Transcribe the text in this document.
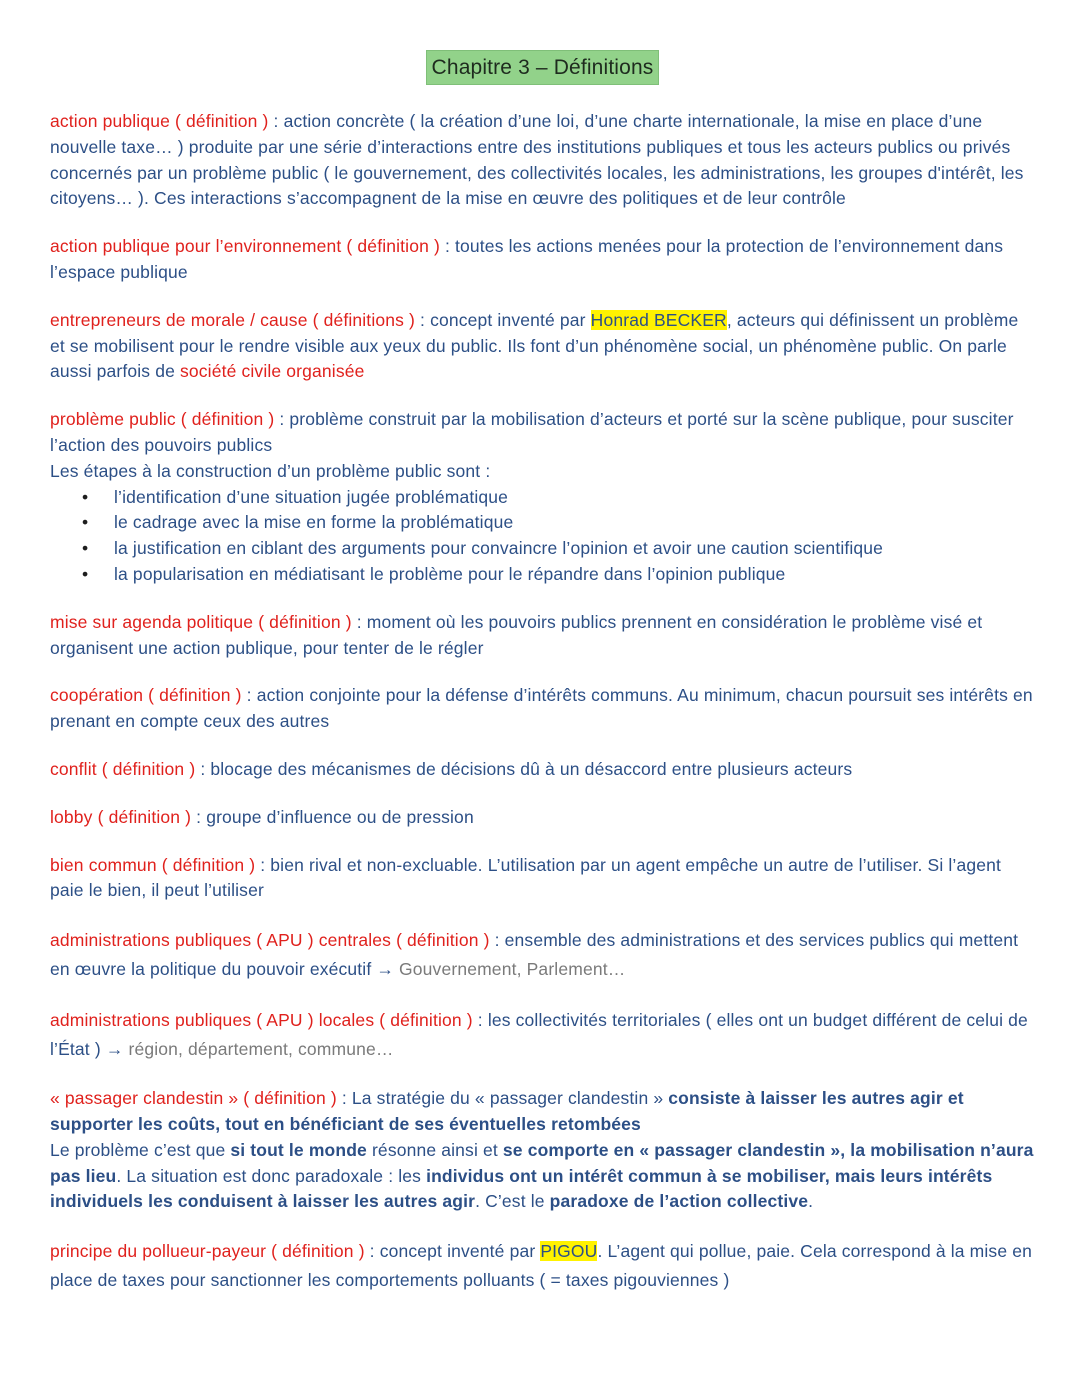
Chapitre 3 – Définitions
action publique ( définition ) : action concrète ( la création d’une loi, d’une charte internationale, la mise en place d’une nouvelle taxe… ) produite par une série d’interactions entre des institutions publiques et tous les acteurs publics ou privés concernés par un problème public ( le gouvernement, des collectivités locales, les administrations, les groupes d'intérêt, les citoyens… ). Ces interactions s’accompagnent de la mise en œuvre des politiques et de leur contrôle
action publique pour l’environnement ( définition ) : toutes les actions menées pour la protection de l’environnement dans l’espace publique
entrepreneurs de morale / cause ( définitions ) : concept inventé par Honrad BECKER, acteurs qui définissent un problème et se mobilisent pour le rendre visible aux yeux du public. Ils font d’un phénomène social, un phénomène public. On parle aussi parfois de société civile organisée
problème public ( définition ) : problème construit par la mobilisation d’acteurs et porté sur la scène publique, pour susciter l’action des pouvoirs publics
Les étapes à la construction d’un problème public sont :
• l’identification d’une situation jugée problématique
• le cadrage avec la mise en forme la problématique
• la justification en ciblant des arguments pour convaincre l’opinion et avoir une caution scientifique
• la popularisation en médiatisant le problème pour le répandre dans l’opinion publique
mise sur agenda politique ( définition ) : moment où les pouvoirs publics prennent en considération le problème visé et organisent une action publique, pour tenter de le régler
coopération ( définition ) : action conjointe pour la défense d’intérêts communs. Au minimum, chacun poursuit ses intérêts en prenant en compte ceux des autres
conflit ( définition ) : blocage des mécanismes de décisions dû à un désaccord entre plusieurs acteurs
lobby ( définition ) : groupe d’influence ou de pression
bien commun ( définition ) : bien rival et non-excluable. L’utilisation par un agent empêche un autre de l’utiliser. Si l’agent paie le bien, il peut l’utiliser
administrations publiques ( APU ) centrales ( définition ) : ensemble des administrations et des services publics qui mettent en œuvre la politique du pouvoir exécutif → Gouvernement, Parlement…
administrations publiques ( APU ) locales ( définition ) : les collectivités territoriales ( elles ont un budget différent de celui de l’État ) → région, département, commune…
« passager clandestin » ( définition ) : La stratégie du « passager clandestin » consiste à laisser les autres agir et supporter les coûts, tout en bénéficiant de ses éventuelles retombées
Le problème c’est que si tout le monde résonne ainsi et se comporte en « passager clandestin », la mobilisation n’aura pas lieu. La situation est donc paradoxale : les individus ont un intérêt commun à se mobiliser, mais leurs intérêts individuels les conduisent à laisser les autres agir. C’est le paradoxe de l’action collective.
principe du pollueur-payeur ( définition ) : concept inventé par PIGOU. L’agent qui pollue, paie. Cela correspond à la mise en place de taxes pour sanctionner les comportements polluants ( = taxes pigouviennes )
